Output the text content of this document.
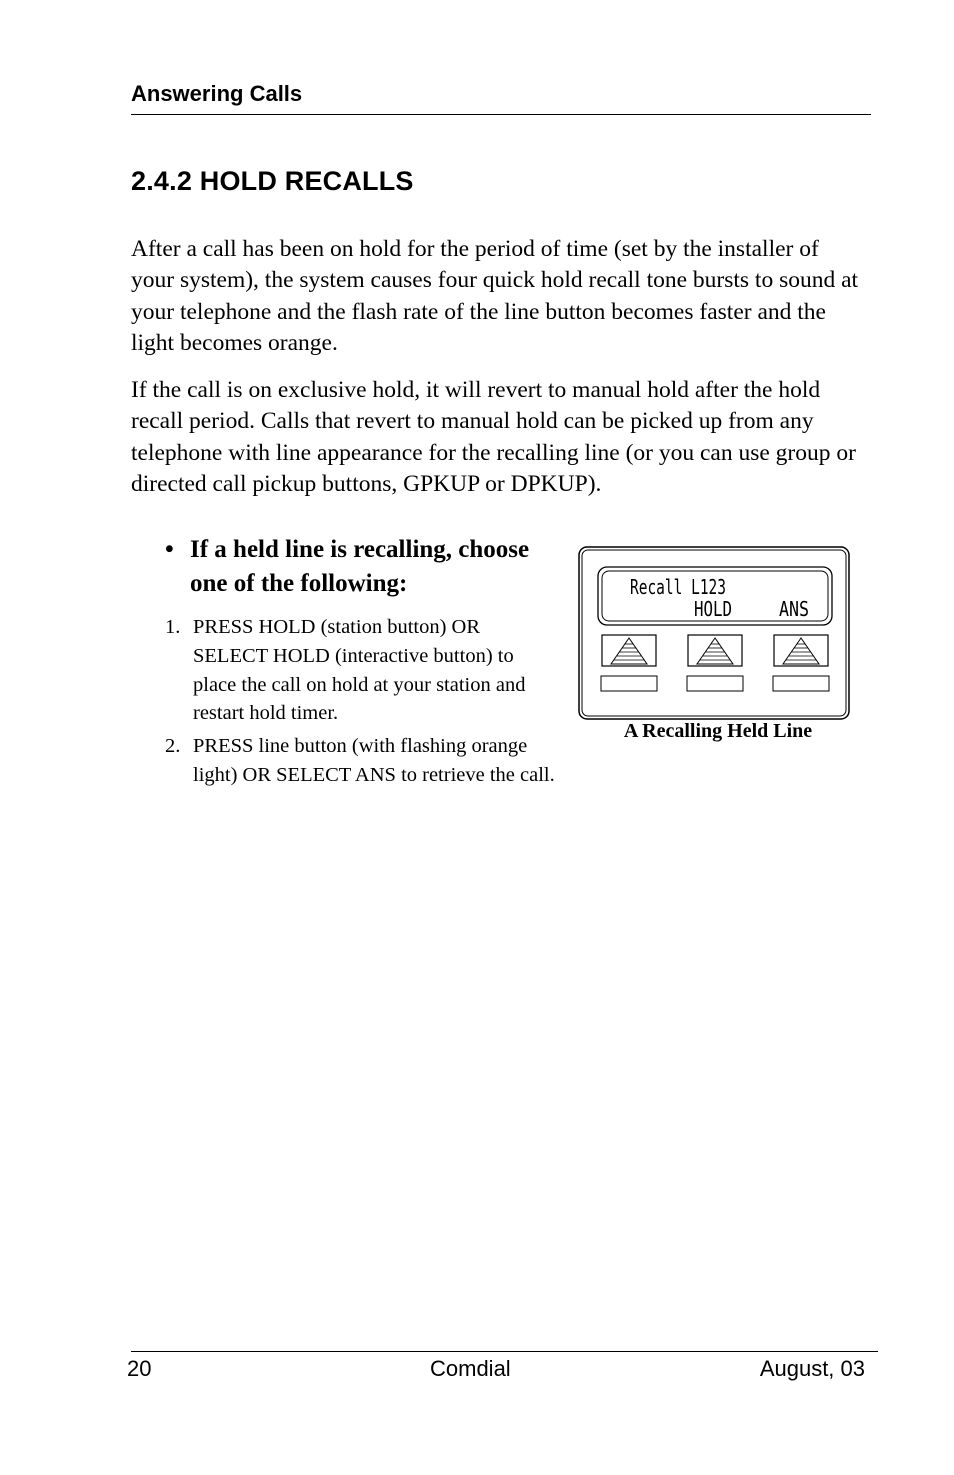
Answering Calls
2.4.2 HOLD RECALLS

After a call has been on hold for the period of time (set by the installer of your system), the system causes four quick hold recall tone bursts to sound at your telephone and the flash rate of the line button becomes faster and the light becomes orange.

If the call is on exclusive hold, it will revert to manual hold after the hold recall period. Calls that revert to manual hold can be picked up from any telephone with line appearance for the recalling line (or you can use group or directed call pickup buttons, GPKUP or DPKUP).

• If a held line is recalling, choose one of the following:
1. PRESS HOLD (station button) OR SELECT HOLD (interactive button) to place the call on hold at your station and restart hold timer.
2. PRESS line button (with flashing orange light) OR SELECT ANS to retrieve the call.
Recall L123
HOLD ANS
A Recalling Held Line
20	Comdial	August, 03
